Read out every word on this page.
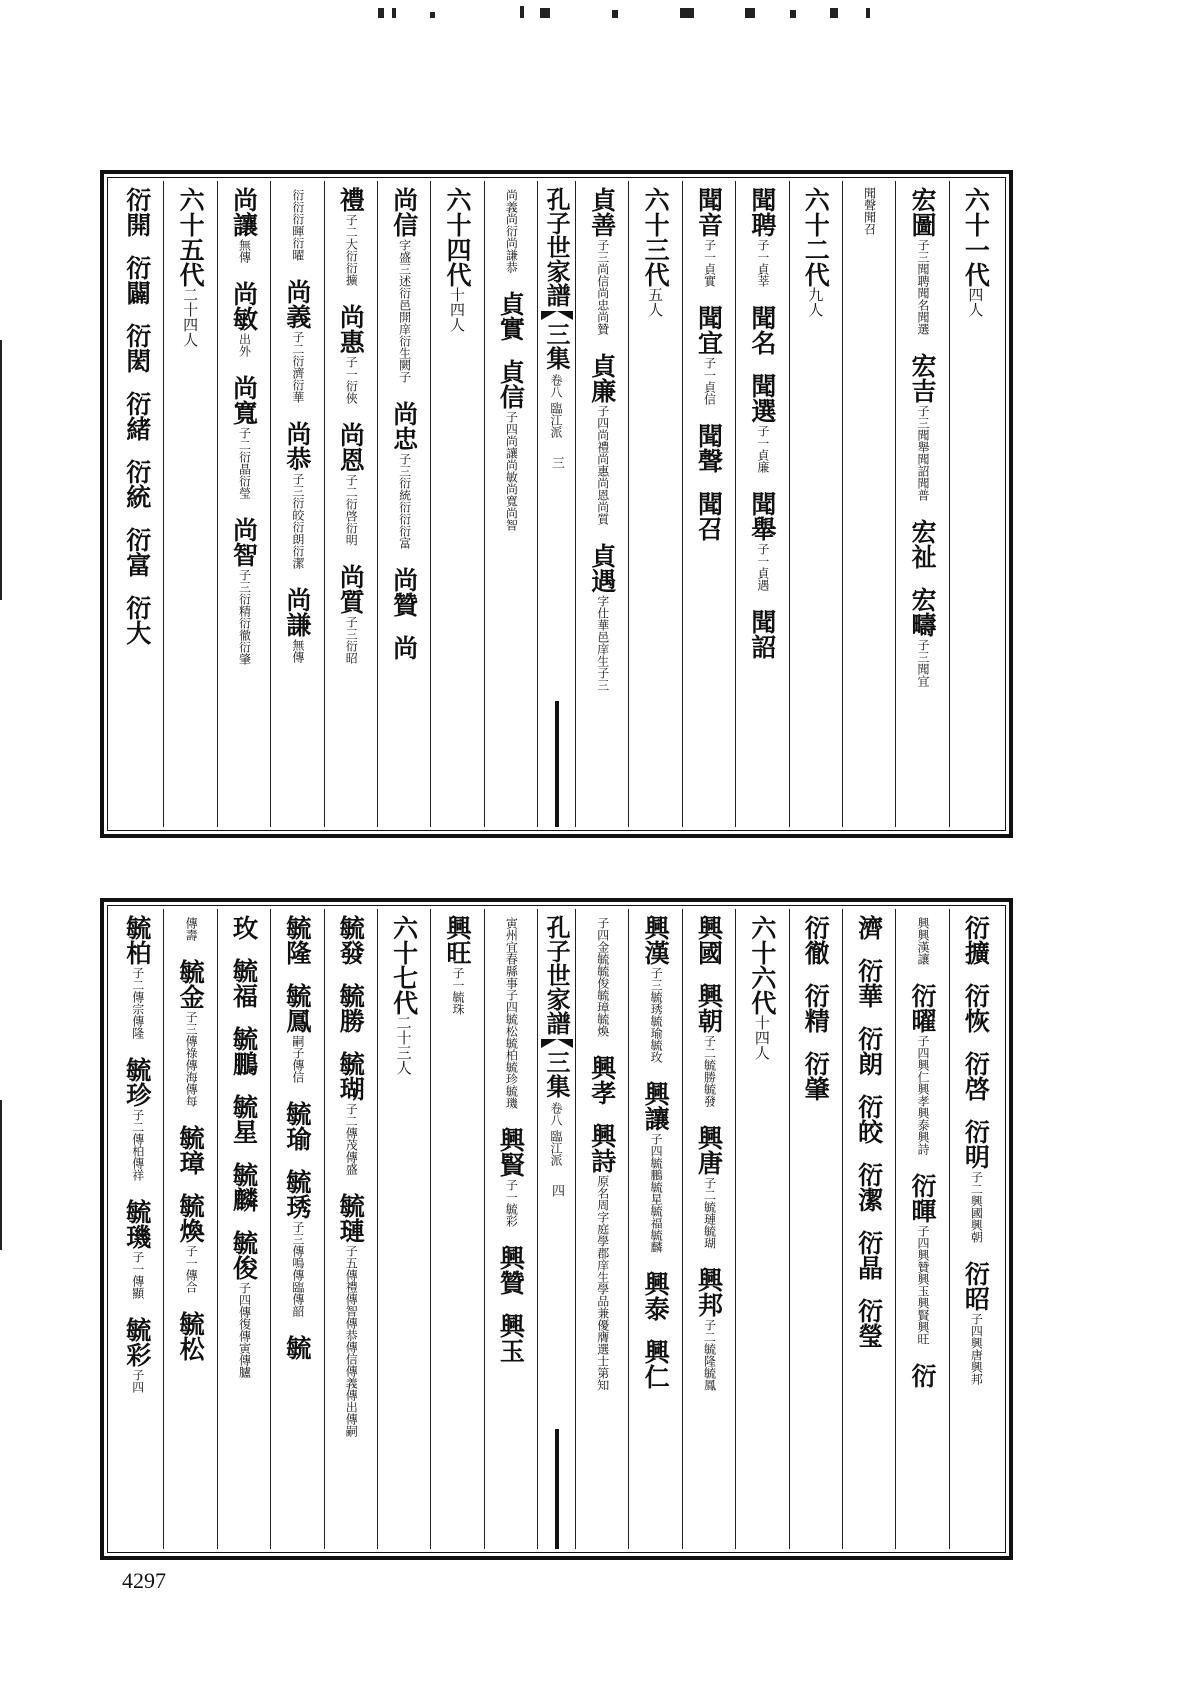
六十一代四人
宏圖
子三
聞聘
聞名
聞選
宏吉
子三
聞舉
聞詔
聞普
宏祉
宏疇
子三
聞宜
聞聲
聞召
六十二代九人
聞聘
子一
貞莘
聞名
聞選
子一
貞廉
聞舉
子一
貞遇
聞詔
聞音
子一
貞實
聞宜
子一
貞信
聞聲
聞召
六十三代五人
貞善
子三
尚信
尚忠
尚贊
貞廉
子四
尚禮
尚惠
尚恩
尚質
貞遇
字仕
華邑
庠生
子三
孔子世家譜
三集
卷八
臨江派
三
尚義
尚衍
尚謙
恭
貞實
貞信
子四
尚讓
尚敏
尚寬
尚智
六十四代十四人
尚信
字盛
三述
衍邑
開庠
衍生
闕子
尚忠
子三
衍統
衍衍
衍富
尚贊
尚
禮
子二
大衍
衍擴
尚惠
子一
衍俠
尚恩
子二
衍啓
衍明
尚質
子三
衍昭
衍衍
衍暉
衍曜
尚義
子二
衍濟
衍華
尚恭
子三
衍皎
衍朗
衍潔
尚謙
無傳
尚讓
無傳
尚敏
出外
尚寬
子二
衍晶
衍瑩
尚智
子三
衍精
衍徹
衍肇
六十五代二十四人
衍開
衍闢
衍閎
衍緒
衍統
衍富
衍大
衍擴
衍恢
衍啓
衍明
子二
興國
興朝
衍昭
子四
興唐
興邦
興興
漢讓
衍曜
子四
興仁
興孝
興泰
興詩
衍暉
子四
興贊
興玉
興賢
興旺
衍
濟
衍華
衍朗
衍皎
衍潔
衍晶
衍瑩
衍徹
衍精
衍肇
六十六代十四人
興國
興朝
子二
毓勝
毓發
興唐
子二
毓璉
毓瑚
興邦
子二
毓隆
毓鳳
興漢
子三
毓琇
毓瑜
毓玫
興讓
子四
毓鵬
毓星
毓福
毓麟
興泰
興仁
子四
金毓
毓俊
毓璋
毓煥
興孝
興詩
原名
周字
庭學
郡庠
生
學品
兼優
膺
選
士
第
知
孔子世家譜
三集
卷八
臨江派
四
寅州
宜春
縣事
子四
毓松
毓柏
毓珍
毓璣
興賢
子一
毓彩
興贊
興玉
興旺
子一
毓珠
六十七代二十三人
毓發
毓勝
毓瑚
子二
傳茂
傳盛
毓璉
子五
傳禮
傳智
傳恭
傳信
傳義
傳出
傳嗣
毓隆
毓鳳
嗣子
傳信
毓瑜
毓琇
子三
傳鳴
傳臨
傳韶
毓
玫
毓福
毓鵬
毓星
毓麟
毓俊
子四
傳復
傳寅
傳臚
傳
壽
毓金
子三
傳祿
傳海
傳每
毓璋
毓煥
子一
傳合
毓松
毓柏
子二
傳宗
傳隆
毓珍
子二
傳柏
傳祥
毓璣
子一
傳顯
毓彩
子四
4297
